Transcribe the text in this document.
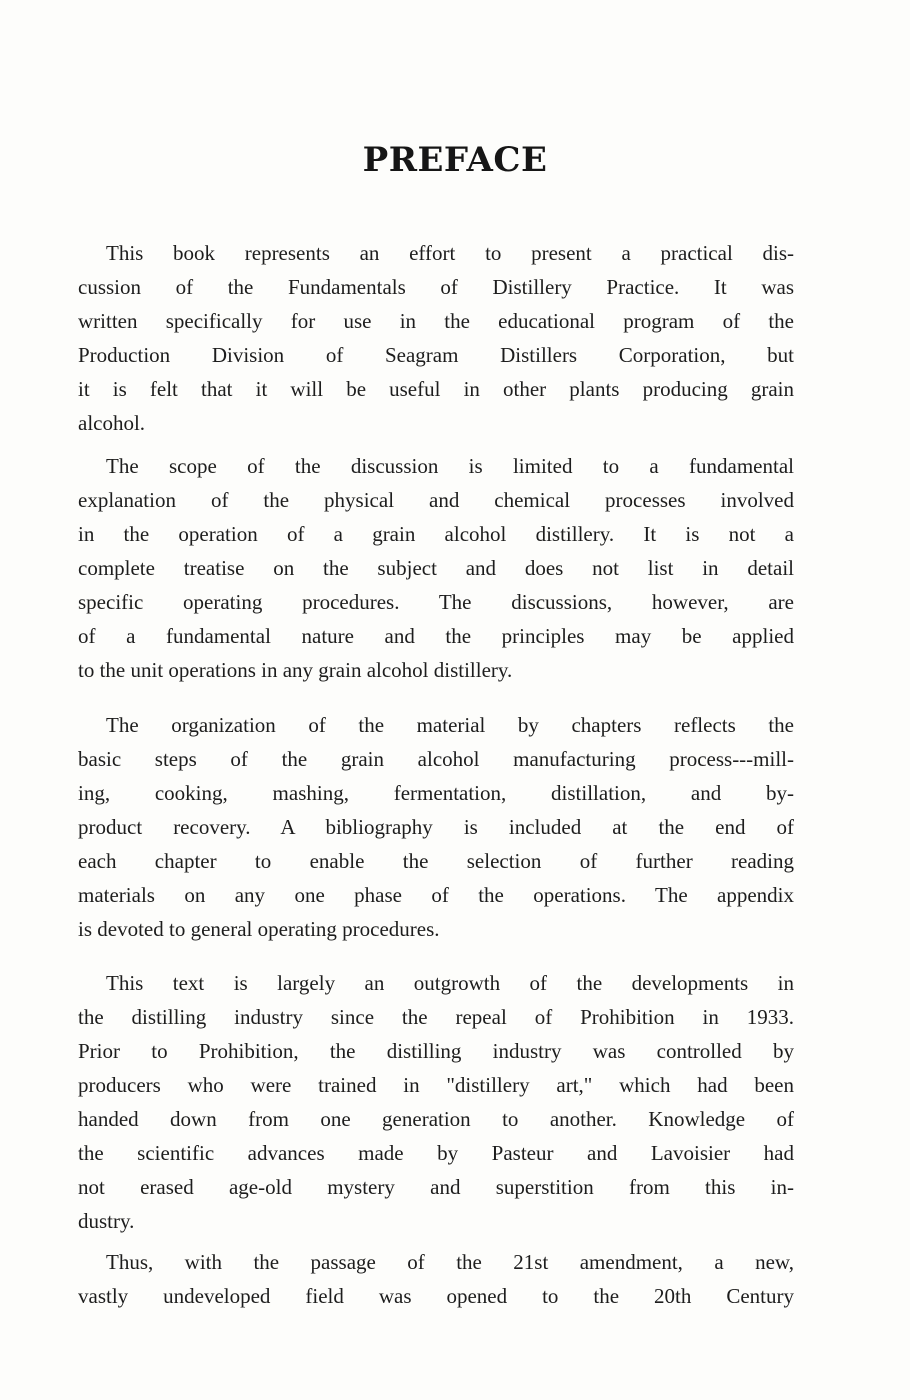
PREFACE
This book represents an effort to present a practical dis-
cussion of the Fundamentals of Distillery Practice. It was
written specifically for use in the educational program of the
Production Division of Seagram Distillers Corporation, but
it is felt that it will be useful in other plants producing grain
alcohol.
The scope of the discussion is limited to a fundamental
explanation of the physical and chemical processes involved
in the operation of a grain alcohol distillery. It is not a
complete treatise on the subject and does not list in detail
specific operating procedures. The discussions, however, are
of a fundamental nature and the principles may be applied
to the unit operations in any grain alcohol distillery.
The organization of the material by chapters reflects the
basic steps of the grain alcohol manufacturing process---mill-
ing, cooking, mashing, fermentation, distillation, and by-
product recovery. A bibliography is included at the end of
each chapter to enable the selection of further reading
materials on any one phase of the operations. The appendix
is devoted to general operating procedures.
This text is largely an outgrowth of the developments in
the distilling industry since the repeal of Prohibition in 1933.
Prior to Prohibition, the distilling industry was controlled by
producers who were trained in "distillery art," which had been
handed down from one generation to another. Knowledge of
the scientific advances made by Pasteur and Lavoisier had
not erased age-old mystery and superstition from this in-
dustry.
Thus, with the passage of the 21st amendment, a new,
vastly undeveloped field was opened to the 20th Century
